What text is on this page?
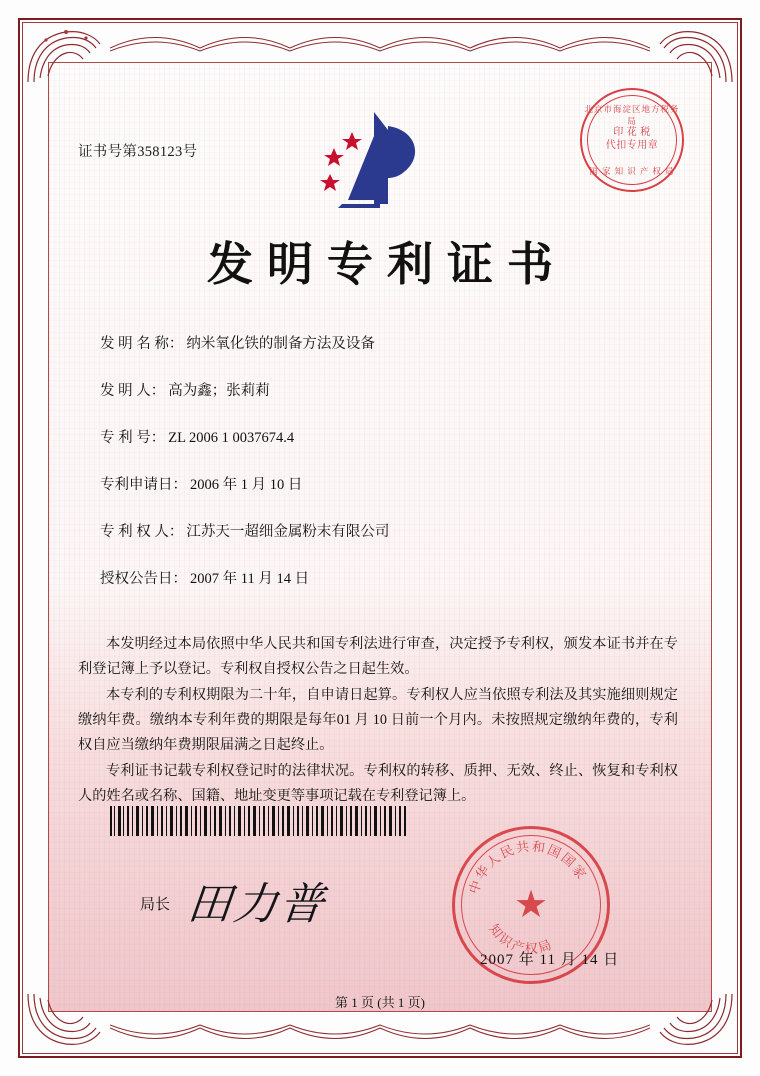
证书号第358123号
北京市海淀区地方税务局
印 花 税
代扣专用章
国 家 知 识 产 权 局
发明专利证书
发 明 名 称： 纳米氧化铁的制备方法及设备
发 明 人： 高为鑫；张莉莉
专 利 号： ZL 2006 1 0037674.4
专利申请日： 2006 年 1 月 10 日
专 利 权 人： 江苏天一超细金属粉末有限公司
授权公告日： 2007 年 11 月 14 日

本发明经过本局依照中华人民共和国专利法进行审查，决定授予专利权，颁发本证书并在专利登记簿上予以登记。专利权自授权公告之日起生效。

本专利的专利权期限为二十年，自申请日起算。专利权人应当依照专利法及其实施细则规定缴纳年费。缴纳本专利年费的期限是每年01 月 10 日前一个月内。未按照规定缴纳年费的，专利权自应当缴纳年费期限届满之日起终止。

专利证书记载专利权登记时的法律状况。专利权的转移、质押、无效、终止、恢复和专利权人的姓名或名称、国籍、地址变更等事项记载在专利登记簿上。

局长 田力普	中华人民共和国国家
知识产权局
★
2007 年 11 月 14 日
第 1 页 (共 1 页)
